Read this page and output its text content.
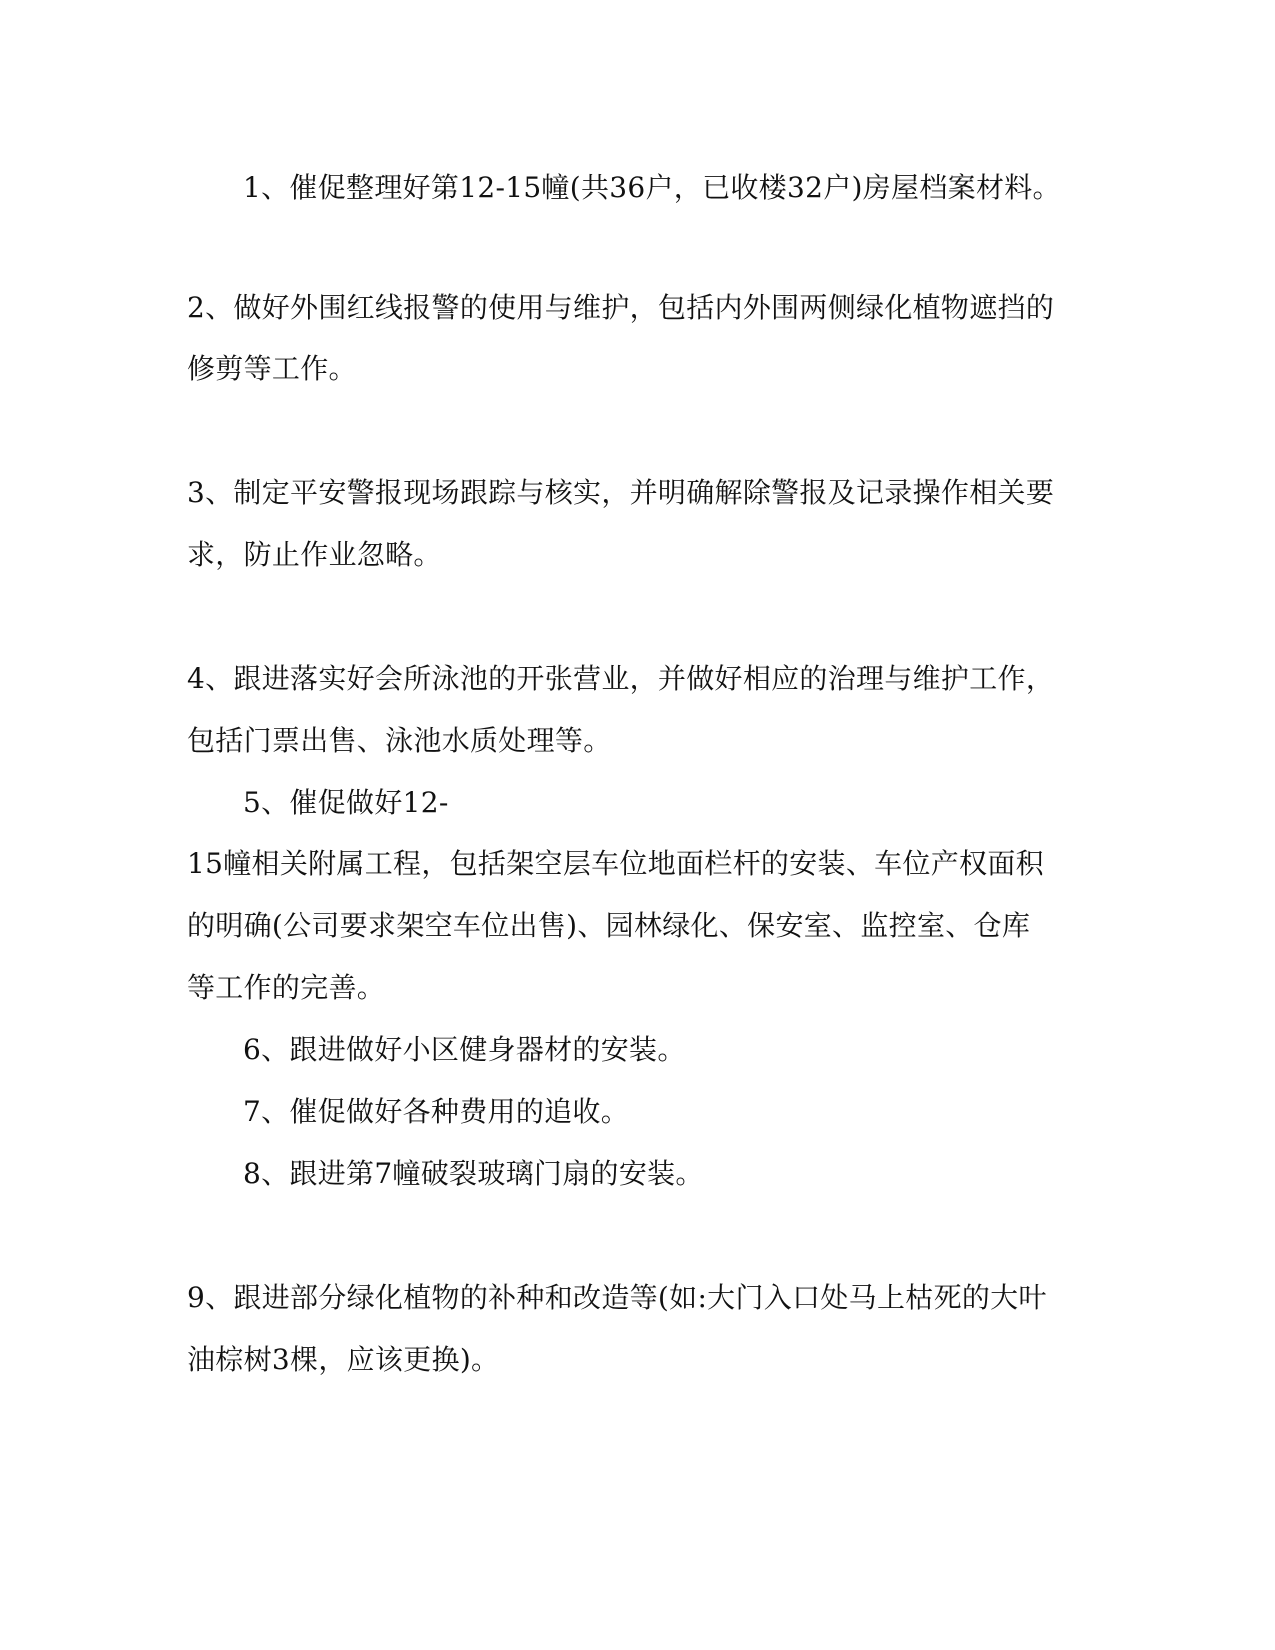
1、催促整理好第12-15幢(共36户，已收楼32户)房屋档案材料。
2、做好外围红线报警的使用与维护，包括内外围两侧绿化植物遮挡的
修剪等工作。
3、制定平安警报现场跟踪与核实，并明确解除警报及记录操作相关要
求，防止作业忽略。
4、跟进落实好会所泳池的开张营业，并做好相应的治理与维护工作，
包括门票出售、泳池水质处理等。
5、催促做好12-
15幢相关附属工程，包括架空层车位地面栏杆的安装、车位产权面积
的明确(公司要求架空车位出售)、园林绿化、保安室、监控室、仓库
等工作的完善。
6、跟进做好小区健身器材的安装。
7、催促做好各种费用的追收。
8、跟进第7幢破裂玻璃门扇的安装。
9、跟进部分绿化植物的补种和改造等(如:大门入口处马上枯死的大叶
油棕树3棵，应该更换)。
